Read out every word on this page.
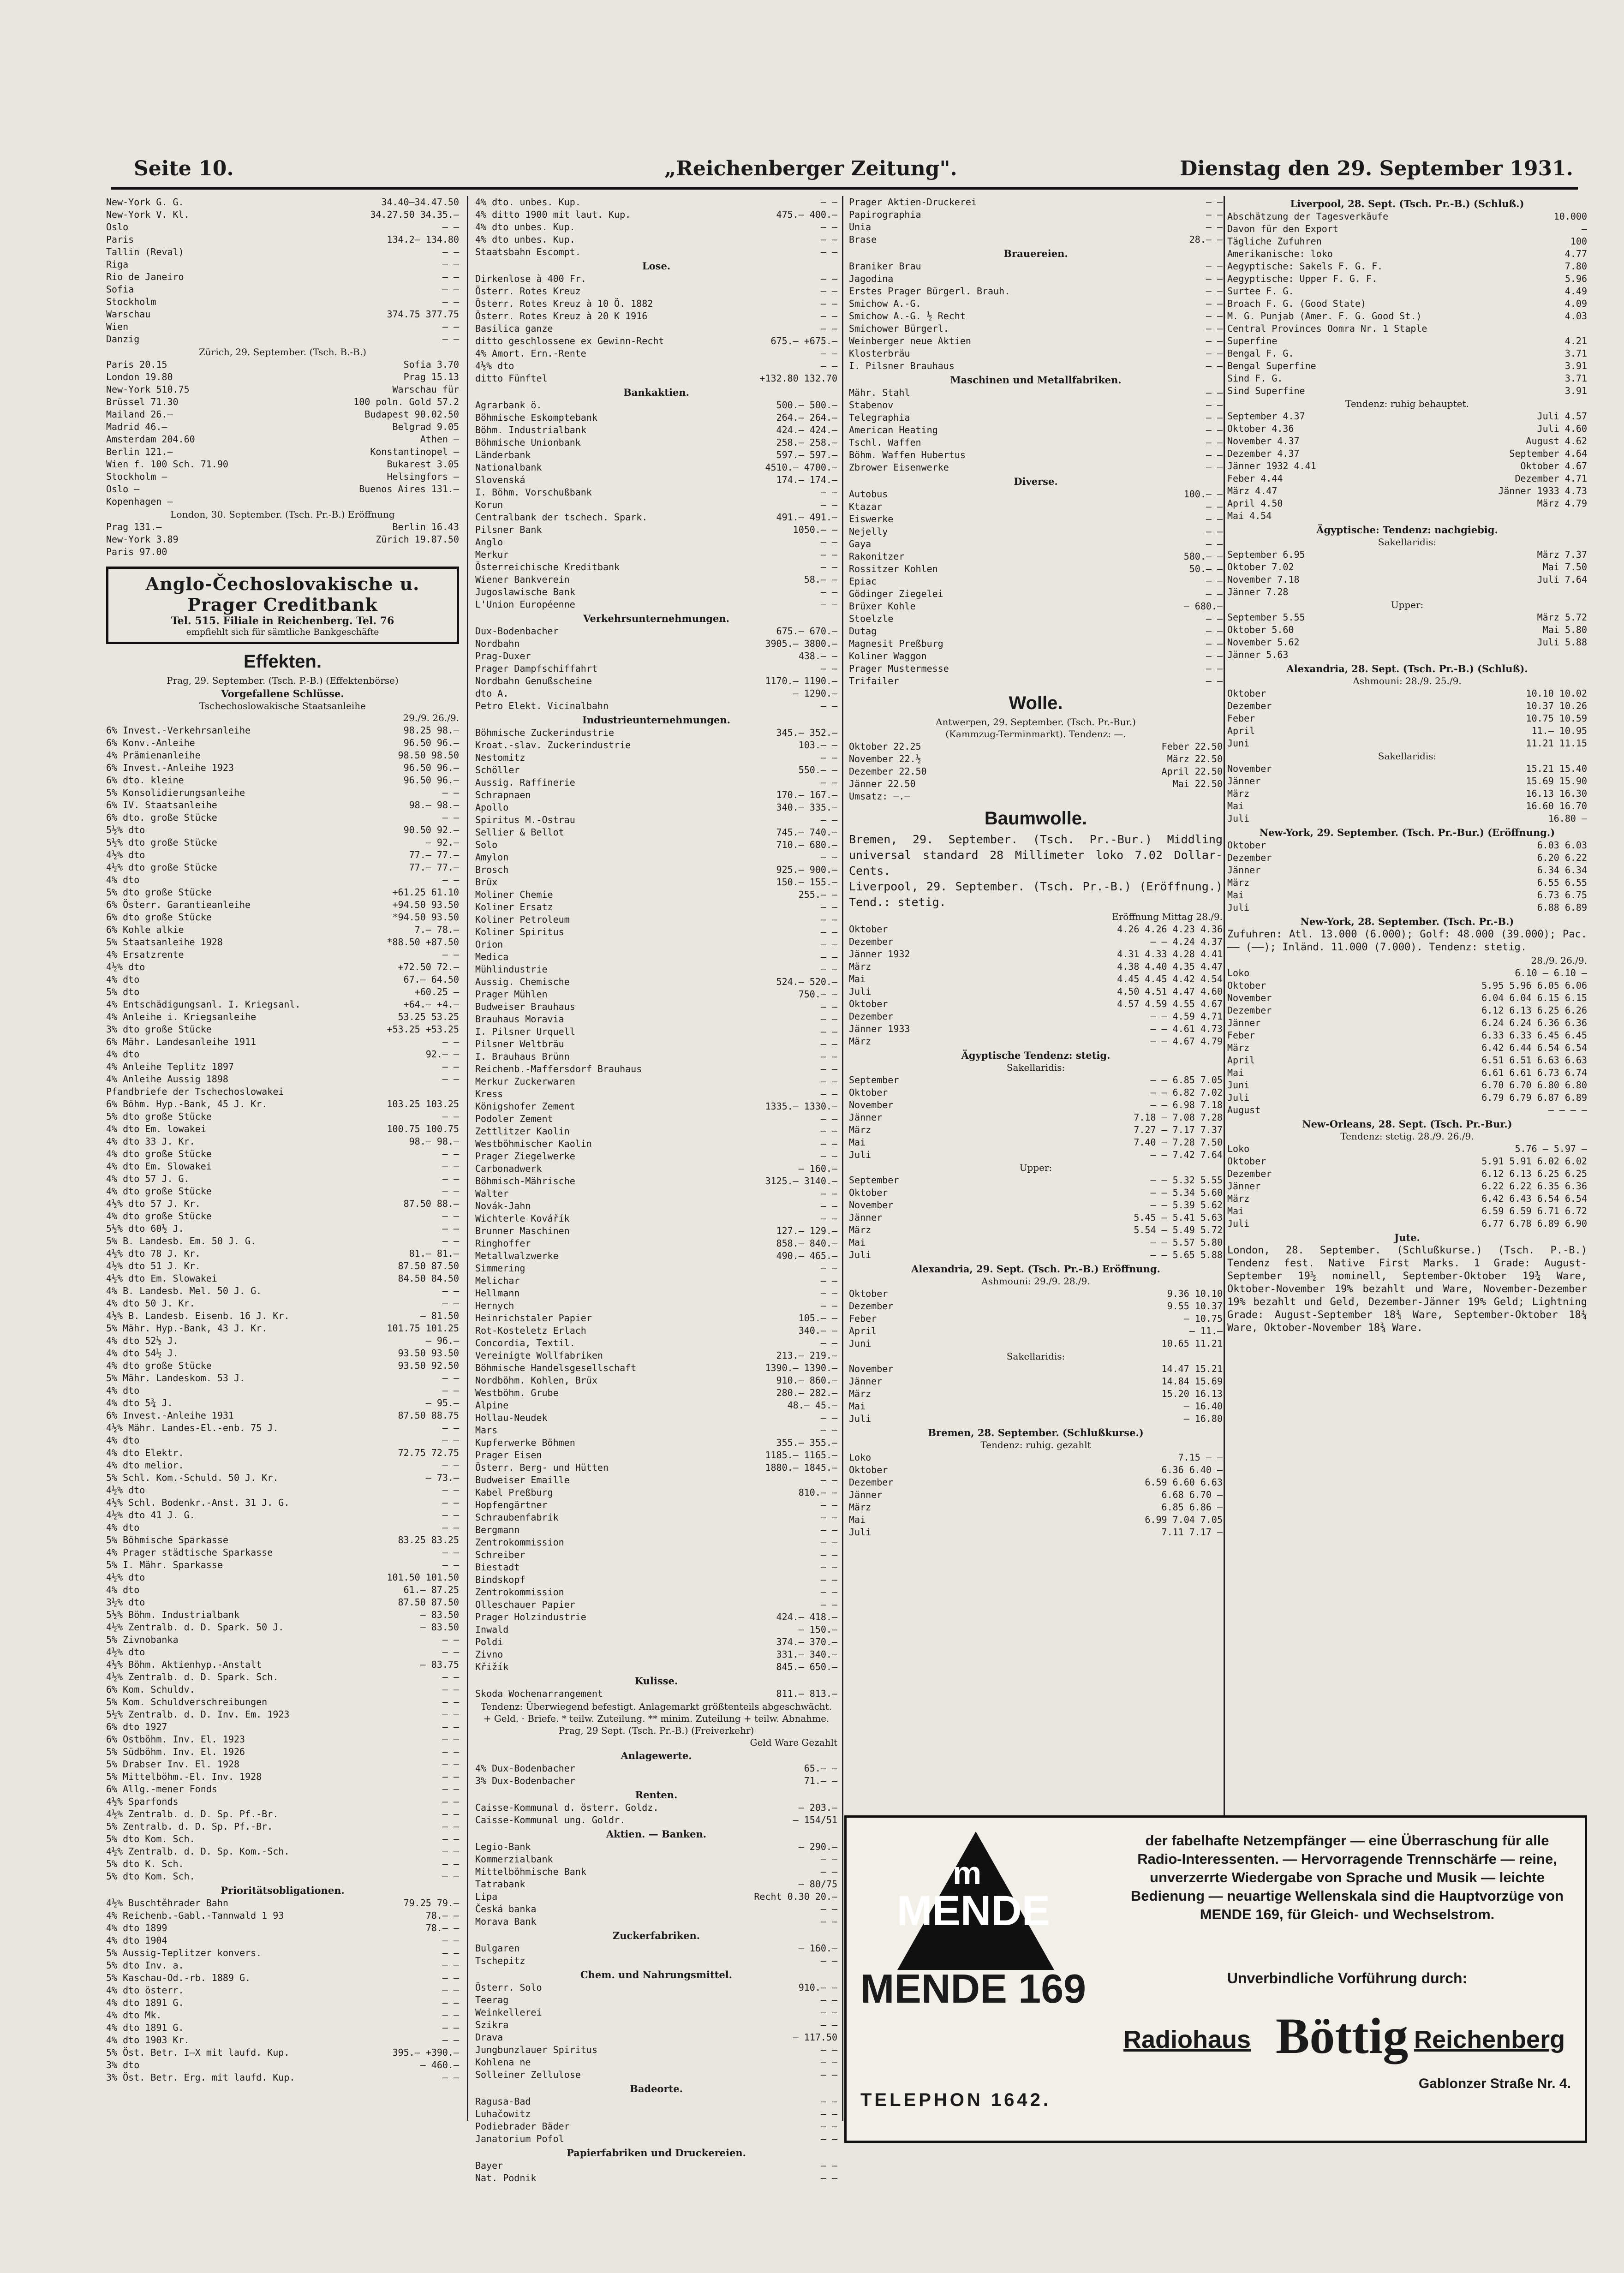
Seite 10.	„Reichenberger Zeitung".	Dienstag den 29. September 1931.
New-York G. G.	34.40—34.47.50
New-York V. Kl.	34.27.50 34.35.—
Oslo	— —
Paris	134.2— 134.80
Tallin (Reval)	— —
Riga	— —
Rio de Janeiro	— —
Sofia	— —
Stockholm	— —
Warschau	374.75 377.75
Wien	— —
Danzig	— —
Zürich, 29. September. (Tsch. B.-B.)
Paris 20.15	Sofia 3.70
London 19.80	Prag 15.13
New-York 510.75	Warschau für
Brüssel 71.30	100 poln. Gold 57.2
Mailand 26.—	Budapest 90.02.50
Madrid 46.—	Belgrad 9.05
Amsterdam 204.60	Athen —
Berlin 121.—	Konstantinopel —
Wien f. 100 Sch. 71.90	Bukarest 3.05
Stockholm —	Helsingfors —
Oslo —	Buenos Aires 131.—
Kopenhagen —
London, 30. September. (Tsch. Pr.-B.) Eröffnung
Prag 131.—	Berlin 16.43
New-York 3.89	Zürich 19.87.50
Paris 97.00
Anglo-Čechoslovakische u. Prager Creditbank
Tel. 515. Filiale in Reichenberg. Tel. 76
empfiehlt sich für sämtliche Bankgeschäfte
Effekten.
Prag, 29. September. (Tsch. P.-B.) (Effektenbörse)
Vorgefallene Schlüsse.
Tschechoslowakische Staatsanleihe
29./9. 26./9.
6% Invest.-Verkehrsanleihe	98.25 98.—
6% Konv.-Anleihe	96.50 96.—
4% Prämienanleihe	98.50 98.50
6% Invest.-Anleihe 1923	96.50 96.—
6% dto. kleine	96.50 96.—
5% Konsolidierungsanleihe	— —
6% IV. Staatsanleihe	98.— 98.—
6% dto. große Stücke	— —
5½% dto	90.50 92.—
5½% dto große Stücke	— 92.—
4½% dto	77.— 77.—
4½% dto große Stücke	77.— 77.—
4% dto	— —
5% dto große Stücke	+61.25 61.10
6% Österr. Garantieanleihe	+94.50 93.50
6% dto große Stücke	*94.50 93.50
6% Kohle alkie	7.— 78.—
5% Staatsanleihe 1928	*88.50 +87.50
4% Ersatzrente	— —
4½% dto	+72.50 72.—
4% dto	67.— 64.50
5% dto	+60.25 —
4% Entschädigungsanl. I. Kriegsanl.	+64.— +4.—
4% Anleihe i. Kriegsanleihe	53.25 53.25
3% dto große Stücke	+53.25 +53.25
6% Mähr. Landesanleihe 1911	— —
4% dto	92.— —
4% Anleihe Teplitz 1897	— —
4% Anleihe Aussig 1898	— —
Pfandbriefe der Tschechoslowakei
6% Böhm. Hyp.-Bank, 45 J. Kr.	103.25 103.25
5% dto große Stücke	— —
4% dto Em. lowakei	100.75 100.75
4% dto 33 J. Kr.	98.— 98.—
4% dto große Stücke	— —
4% dto Em. Slowakei	— —
4% dto 57 J. G.	— —
4% dto große Stücke	— —
4½% dto 57 J. Kr.	87.50 88.—
4% dto große Stücke	— —
5½% dto 60½ J.	— —
5% B. Landesb. Em. 50 J. G.	— —
4½% dto 78 J. Kr.	81.— 81.—
4½% dto 51 J. Kr.	87.50 87.50
4½% dto Em. Slowakei	84.50 84.50
4% B. Landesb. Mel. 50 J. G.	— —
4% dto 50 J. Kr.	— —
4½% B. Landesb. Eisenb. 16 J. Kr.	— 81.50
5% Mähr. Hyp.-Bank, 43 J. Kr.	101.75 101.25
4% dto 52½ J.	— 96.—
4% dto 54½ J.	93.50 93.50
4% dto große Stücke	93.50 92.50
5% Mähr. Landeskom. 53 J.	— —
4% dto	— —
4% dto 5¾ J.	— 95.—
6% Invest.-Anleihe 1931	87.50 88.75
4½% Mähr. Landes-El.-enb. 75 J.	— —
4% dto	— —
4% dto Elektr.	72.75 72.75
4% dto melior.	— —
5% Schl. Kom.-Schuld. 50 J. Kr.	— 73.—
4½% dto	— —
4½% Schl. Bodenkr.-Anst. 31 J. G.	— —
4½% dto 41 J. G.	— —
4% dto	— —
5% Böhmische Sparkasse	83.25 83.25
4% Prager städtische Sparkasse	— —
5% I. Mähr. Sparkasse	— —
4½% dto	101.50 101.50
4% dto	61.— 87.25
3½% dto	87.50 87.50
5½% Böhm. Industrialbank	— 83.50
4½% Zentralb. d. D. Spark. 50 J.	— 83.50
5% Zivnobanka	— —
4½% dto	— —
4½% Böhm. Aktienhyp.-Anstalt	— 83.75
4½% Zentralb. d. D. Spark. Sch.	— —
6% Kom. Schuldv.	— —
5% Kom. Schuldverschreibungen	— —
5½% Zentralb. d. D. Inv. Em. 1923	— —
6% dto 1927	— —
6% Ostböhm. Inv. El. 1923	— —
5% Südböhm. Inv. El. 1926	— —
5% Drabser Inv. El. 1928	— —
5% Mittelböhm.-El. Inv. 1928	— —
6% Allg.-mener Fonds	— —
4½% Sparfonds	— —
4½% Zentralb. d. D. Sp. Pf.-Br.	— —
5% Zentralb. d. D. Sp. Pf.-Br.	— —
5% dto Kom. Sch.	— —
4½% Zentralb. d. D. Sp. Kom.-Sch.	— —
5% dto K. Sch.	— —
5% dto Kom. Sch.	— —
Prioritätsobligationen.
4½% Buschtěhrader Bahn	79.25 79.—
4% Reichenb.-Gabl.-Tannwald 1 93	78.— —
4% dto 1899	78.— —
4% dto 1904	— —
5% Aussig-Teplitzer konvers.	— —
5% dto Inv. a.	— —
5% Kaschau-Od.-rb. 1889 G.	— —
4% dto österr.	— —
4% dto 1891 G.	— —
4% dto Mk.	— —
4% dto 1891 G.	— —
4% dto 1903 Kr.	— —
5% Öst. Betr. I—X mit laufd. Kup.	395.— +390.—
3% dto	— 460.—
3% Öst. Betr. Erg. mit laufd. Kup.	— —
4% dto. unbes. Kup.	— —
4% ditto 1900 mit laut. Kup.	475.— 400.—
4% dto unbes. Kup.	— —
4% dto unbes. Kup.	— —
Staatsbahn Escompt.	— —
Lose.
Dirkenlose à 400 Fr.	— —
Österr. Rotes Kreuz	— —
Österr. Rotes Kreuz à 10 Ö. 1882	— —
Österr. Rotes Kreuz à 20 K 1916	— —
Basilica ganze	— —
ditto geschlossene ex Gewinn-Recht	675.— +675.—
4% Amort. Ern.-Rente	— —
4½% dto	— —
ditto Fünftel	+132.80 132.70
Bankaktien.
Agrarbank ö.	500.— 500.—
Böhmische Eskomptebank	264.— 264.—
Böhm. Industrialbank	424.— 424.—
Böhmische Unionbank	258.— 258.—
Länderbank	597.— 597.—
Nationalbank	4510.— 4700.—
Slovenská	174.— 174.—
I. Böhm. Vorschußbank	— —
Korun	— —
Centralbank der tschech. Spark.	491.— 491.—
Pilsner Bank	1050.— —
Anglo	— —
Merkur	— —
Österreichische Kreditbank	— —
Wiener Bankverein	58.— —
Jugoslawische Bank	— —
L'Union Européenne	— —
Verkehrsunternehmungen.
Dux-Bodenbacher	675.— 670.—
Nordbahn	3905.— 3800.—
Prag-Duxer	438.— —
Prager Dampfschiffahrt	— —
Nordbahn Genußscheine	1170.— 1190.—
dto A.	— 1290.—
Petro Elekt. Vicinalbahn	— —
Industrieunternehmungen.
Böhmische Zuckerindustrie	345.— 352.—
Kroat.-slav. Zuckerindustrie	103.— —
Nestomitz	— —
Schöller	550.— —
Aussig. Raffinerie	— —
Schrapnaen	170.— 167.—
Apollo	340.— 335.—
Spiritus M.-Ostrau	— —
Sellier & Bellot	745.— 740.—
Solo	710.— 680.—
Amylon	— —
Brosch	925.— 900.—
Brüx	150.— 155.—
Moliner Chemie	255.— —
Koliner Ersatz	— —
Koliner Petroleum	— —
Koliner Spiritus	— —
Orion	— —
Medica	— —
Mühlindustrie	— —
Aussig. Chemische	524.— 520.—
Prager Mühlen	750.— —
Budweiser Brauhaus	— —
Brauhaus Moravia	— —
I. Pilsner Urquell	— —
Pilsner Weltbräu	— —
I. Brauhaus Brünn	— —
Reichenb.-Maffersdorf Brauhaus	— —
Merkur Zuckerwaren	— —
Kress	— —
Königshofer Zement	1335.— 1330.—
Podoler Zement	— —
Zettlitzer Kaolin	— —
Westböhmischer Kaolin	— —
Prager Ziegelwerke	— —
Carbonadwerk	— 160.—
Böhmisch-Mährische	3125.— 3140.—
Walter	— —
Novák-Jahn	— —
Wichterle Kovářík	— —
Brunner Maschinen	127.— 129.—
Ringhoffer	858.— 840.—
Metallwalzwerke	490.— 465.—
Simmering	— —
Melichar	— —
Hellmann	— —
Hernych	— —
Heinrichstaler Papier	105.— —
Rot-Kosteletz Erlach	340.— —
Concordia, Textil.	— —
Vereinigte Wollfabriken	213.— 219.—
Böhmische Handelsgesellschaft	1390.— 1390.—
Nordböhm. Kohlen, Brüx	910.— 860.—
Westböhm. Grube	280.— 282.—
Alpine	48.— 45.—
Hollau-Neudek	— —
Mars	— —
Kupferwerke Böhmen	355.— 355.—
Prager Eisen	1185.— 1165.—
Österr. Berg- und Hütten	1880.— 1845.—
Budweiser Emaille	— —
Kabel Preßburg	810.— —
Hopfengärtner	— —
Schraubenfabrik	— —
Bergmann	— —
Zentrokommission	— —
Schreiber	— —
Biestadt	— —
Bindskopf	— —
Zentrokommission	— —
Olleschauer Papier	— —
Prager Holzindustrie	424.— 418.—
Inwald	— 150.—
Poldi	374.— 370.—
Zivno	331.— 340.—
Křižík	845.— 650.—
Kulisse.
Skoda Wochenarrangement	811.— 813.—
Tendenz: Überwiegend befestigt. Anlagemarkt größtenteils abgeschwächt.
+ Geld. · Briefe. * teilw. Zuteilung. ** minim. Zuteilung + teilw. Abnahme.
Prag, 29 Sept. (Tsch. Pr.-B.) (Freiverkehr)
Geld Ware Gezahlt
Anlagewerte.
4% Dux-Bodenbacher	65.— —
3% Dux-Bodenbacher	71.— —
Renten.
Caisse-Kommunal d. österr. Goldz.	— 203.—
Caisse-Kommunal ung. Goldr.	— 154/51
Aktien. — Banken.
Legio-Bank	— 290.—
Kommerzialbank	— —
Mittelböhmische Bank	— —
Tatrabank	— 80/75
Lipa	Recht 0.30 20.—
Česká banka	— —
Morava Bank	— —
Zuckerfabriken.
Bulgaren	— 160.—
Tschepitz	— —
Chem. und Nahrungsmittel.
Österr. Solo	910.— —
Teerag	— —
Weinkellerei	— —
Szikra	— —
Drava	— 117.50
Jungbunzlauer Spiritus	— —
Kohlena ne	— —
Solleiner Zellulose	— —
Badeorte.
Ragusa-Bad	— —
Luhačowitz	— —
Podiebrader Bäder	— —
Janatorium Pofol	— —
Papierfabriken und Druckereien.
Bayer	— —
Nat. Podnik	— —
Prager Aktien-Druckerei	— —
Papirographia	— —
Unia	— —
Brase	28.— —
Brauereien.
Braniker Brau	— —
Jagodina	— —
Erstes Prager Bürgerl. Brauh.	— —
Smichow A.-G.	— —
Smichow A.-G. ½ Recht	— —
Smichower Bürgerl.	— —
Weinberger neue Aktien	— —
Klosterbräu	— —
I. Pilsner Brauhaus	— —
Maschinen und Metallfabriken.
Mähr. Stahl	— —
Stabenov	— —
Telegraphia	— —
American Heating	— —
Tschl. Waffen	— —
Böhm. Waffen Hubertus	— —
Zbrower Eisenwerke	— —
Diverse.
Autobus	100.— —
Ktazar	— —
Eiswerke	— —
Nejelly	— —
Gaya	— —
Rakonitzer	580.— —
Rossitzer Kohlen	50.— —
Epiac	— —
Gödinger Ziegelei	— —
Brüxer Kohle	— 680.—
Stoelzle	— —
Dutag	— —
Magnesit Preßburg	— —
Koliner Waggon	— —
Prager Mustermesse	— —
Trifailer	— —
Wolle.
Antwerpen, 29. September. (Tsch. Pr.-Bur.)
(Kammzug-Terminmarkt). Tendenz: —.
Oktober 22.25	Feber 22.50
November 22.½	März 22.50
Dezember 22.50	April 22.50
Jänner 22.50	Mai 22.50
Umsatz: —.—
Baumwolle.
Bremen, 29. September. (Tsch. Pr.-Bur.) Middling universal standard 28 Millimeter loko 7.02 Dollar-Cents.
Liverpool, 29. September. (Tsch. Pr.-B.) (Eröffnung.) Tend.: stetig.
Eröffnung Mittag 28./9.
Oktober	4.26 4.26 4.23 4.36
Dezember	— — 4.24 4.37
Jänner 1932	4.31 4.33 4.28 4.41
März	4.38 4.40 4.35 4.47
Mai	4.45 4.45 4.42 4.54
Juli	4.50 4.51 4.47 4.60
Oktober	4.57 4.59 4.55 4.67
Dezember	— — 4.59 4.71
Jänner 1933	— — 4.61 4.73
März	— — 4.67 4.79
Ägyptische Tendenz: stetig.
Sakellaridis:
September	— — 6.85 7.05
Oktober	— — 6.82 7.02
November	— — 6.98 7.18
Jänner	7.18 — 7.08 7.28
März	7.27 — 7.17 7.37
Mai	7.40 — 7.28 7.50
Juli	— — 7.42 7.64
Upper:
September	— — 5.32 5.55
Oktober	— — 5.34 5.60
November	— — 5.39 5.62
Jänner	5.45 — 5.41 5.63
März	5.54 — 5.49 5.72
Mai	— — 5.57 5.80
Juli	— — 5.65 5.88
Alexandria, 29. Sept. (Tsch. Pr.-B.) Eröffnung.
Ashmouni: 29./9. 28./9.
Oktober	9.36 10.10
Dezember	9.55 10.37
Feber	— 10.75
April	— 11.—
Juni	10.65 11.21
Sakellaridis:
November	14.47 15.21
Jänner	14.84 15.69
März	15.20 16.13
Mai	— 16.40
Juli	— 16.80
Bremen, 28. September. (Schlußkurse.)
Tendenz: ruhig. gezahlt
Loko	7.15 — —
Oktober	6.36 6.40 —
Dezember	6.59 6.60 6.63
Jänner	6.68 6.70 —
März	6.85 6.86 —
Mai	6.99 7.04 7.05
Juli	7.11 7.17 —
Liverpool, 28. Sept. (Tsch. Pr.-B.) (Schluß.)
Abschätzung der Tagesverkäufe	10.000
Davon für den Export	—
Tägliche Zufuhren	100
Amerikanische: loko	4.77
Aegyptische: Sakels F. G. F.	7.80
Aegyptische: Upper F. G. F.	5.96
Surtee F. G.	4.49
Broach F. G. (Good State)	4.09
M. G. Punjab (Amer. F. G. Good St.)	4.03
Central Provinces Oomra Nr. 1 Staple
Superfine	4.21
Bengal F. G.	3.71
Bengal Superfine	3.91
Sind F. G.	3.71
Sind Superfine	3.91
Tendenz: ruhig behauptet.
September 4.37	Juli 4.57
Oktober 4.36	Juli 4.60
November 4.37	August 4.62
Dezember 4.37	September 4.64
Jänner 1932 4.41	Oktober 4.67
Feber 4.44	Dezember 4.71
März 4.47	Jänner 1933 4.73
April 4.50	März 4.79
Mai 4.54
Ägyptische: Tendenz: nachgiebig.
Sakellaridis:
September 6.95	März 7.37
Oktober 7.02	Mai 7.50
November 7.18	Juli 7.64
Jänner 7.28
Upper:
September 5.55	März 5.72
Oktober 5.60	Mai 5.80
November 5.62	Juli 5.88
Jänner 5.63
Alexandria, 28. Sept. (Tsch. Pr.-B.) (Schluß).
Ashmouni: 28./9. 25./9.
Oktober	10.10 10.02
Dezember	10.37 10.26
Feber	10.75 10.59
April	11.— 10.95
Juni	11.21 11.15
Sakellaridis:
November	15.21 15.40
Jänner	15.69 15.90
März	16.13 16.30
Mai	16.60 16.70
Juli	16.80 —
New-York, 29. September. (Tsch. Pr.-Bur.) (Eröffnung.)
Oktober	6.03 6.03
Dezember	6.20 6.22
Jänner	6.34 6.34
März	6.55 6.55
Mai	6.73 6.75
Juli	6.88 6.89
New-York, 28. September. (Tsch. Pr.-B.)
Zufuhren: Atl. 13.000 (6.000); Golf: 48.000 (39.000); Pac. —— (——); Inländ. 11.000 (7.000). Tendenz: stetig.
28./9. 26./9.
Loko	6.10 — 6.10 —
Oktober	5.95 5.96 6.05 6.06
November	6.04 6.04 6.15 6.15
Dezember	6.12 6.13 6.25 6.26
Jänner	6.24 6.24 6.36 6.36
Feber	6.33 6.33 6.45 6.45
März	6.42 6.44 6.54 6.54
April	6.51 6.51 6.63 6.63
Mai	6.61 6.61 6.73 6.74
Juni	6.70 6.70 6.80 6.80
Juli	6.79 6.79 6.87 6.89
August	— — — —
New-Orleans, 28. Sept. (Tsch. Pr.-Bur.)
Tendenz: stetig. 28./9. 26./9.
Loko	5.76 — 5.97 —
Oktober	5.91 5.91 6.02 6.02
Dezember	6.12 6.13 6.25 6.25
Jänner	6.22 6.22 6.35 6.36
März	6.42 6.43 6.54 6.54
Mai	6.59 6.59 6.71 6.72
Juli	6.77 6.78 6.89 6.90
Jute.
London, 28. September. (Schlußkurse.) (Tsch. P.-B.) Tendenz fest. Native First Marks. 1 Grade: August-September 19½ nominell, September-Oktober 19¾ Ware, Oktober-November 19% bezahlt und Ware, November-Dezember 19% bezahlt und Geld, Dezember-Jänner 19% Geld; Lightning Grade: August-September 18¾ Ware, September-Oktober 18¾ Ware, Oktober-November 18¾ Ware.
m
MENDE
MENDE 169
TELEPHON 1642.
der fabelhafte Netzempfänger — eine Überraschung für alle Radio-Interessenten. — Hervorragende Trennschärfe — reine, unverzerrte Wiedergabe von Sprache und Musik — leichte Bedienung — neuartige Wellenskala sind die Hauptvorzüge von MENDE 169, für Gleich- und Wechselstrom.
Unverbindliche Vorführung durch:
Radiohaus Böttig Reichenberg
Gablonzer Straße Nr. 4.
